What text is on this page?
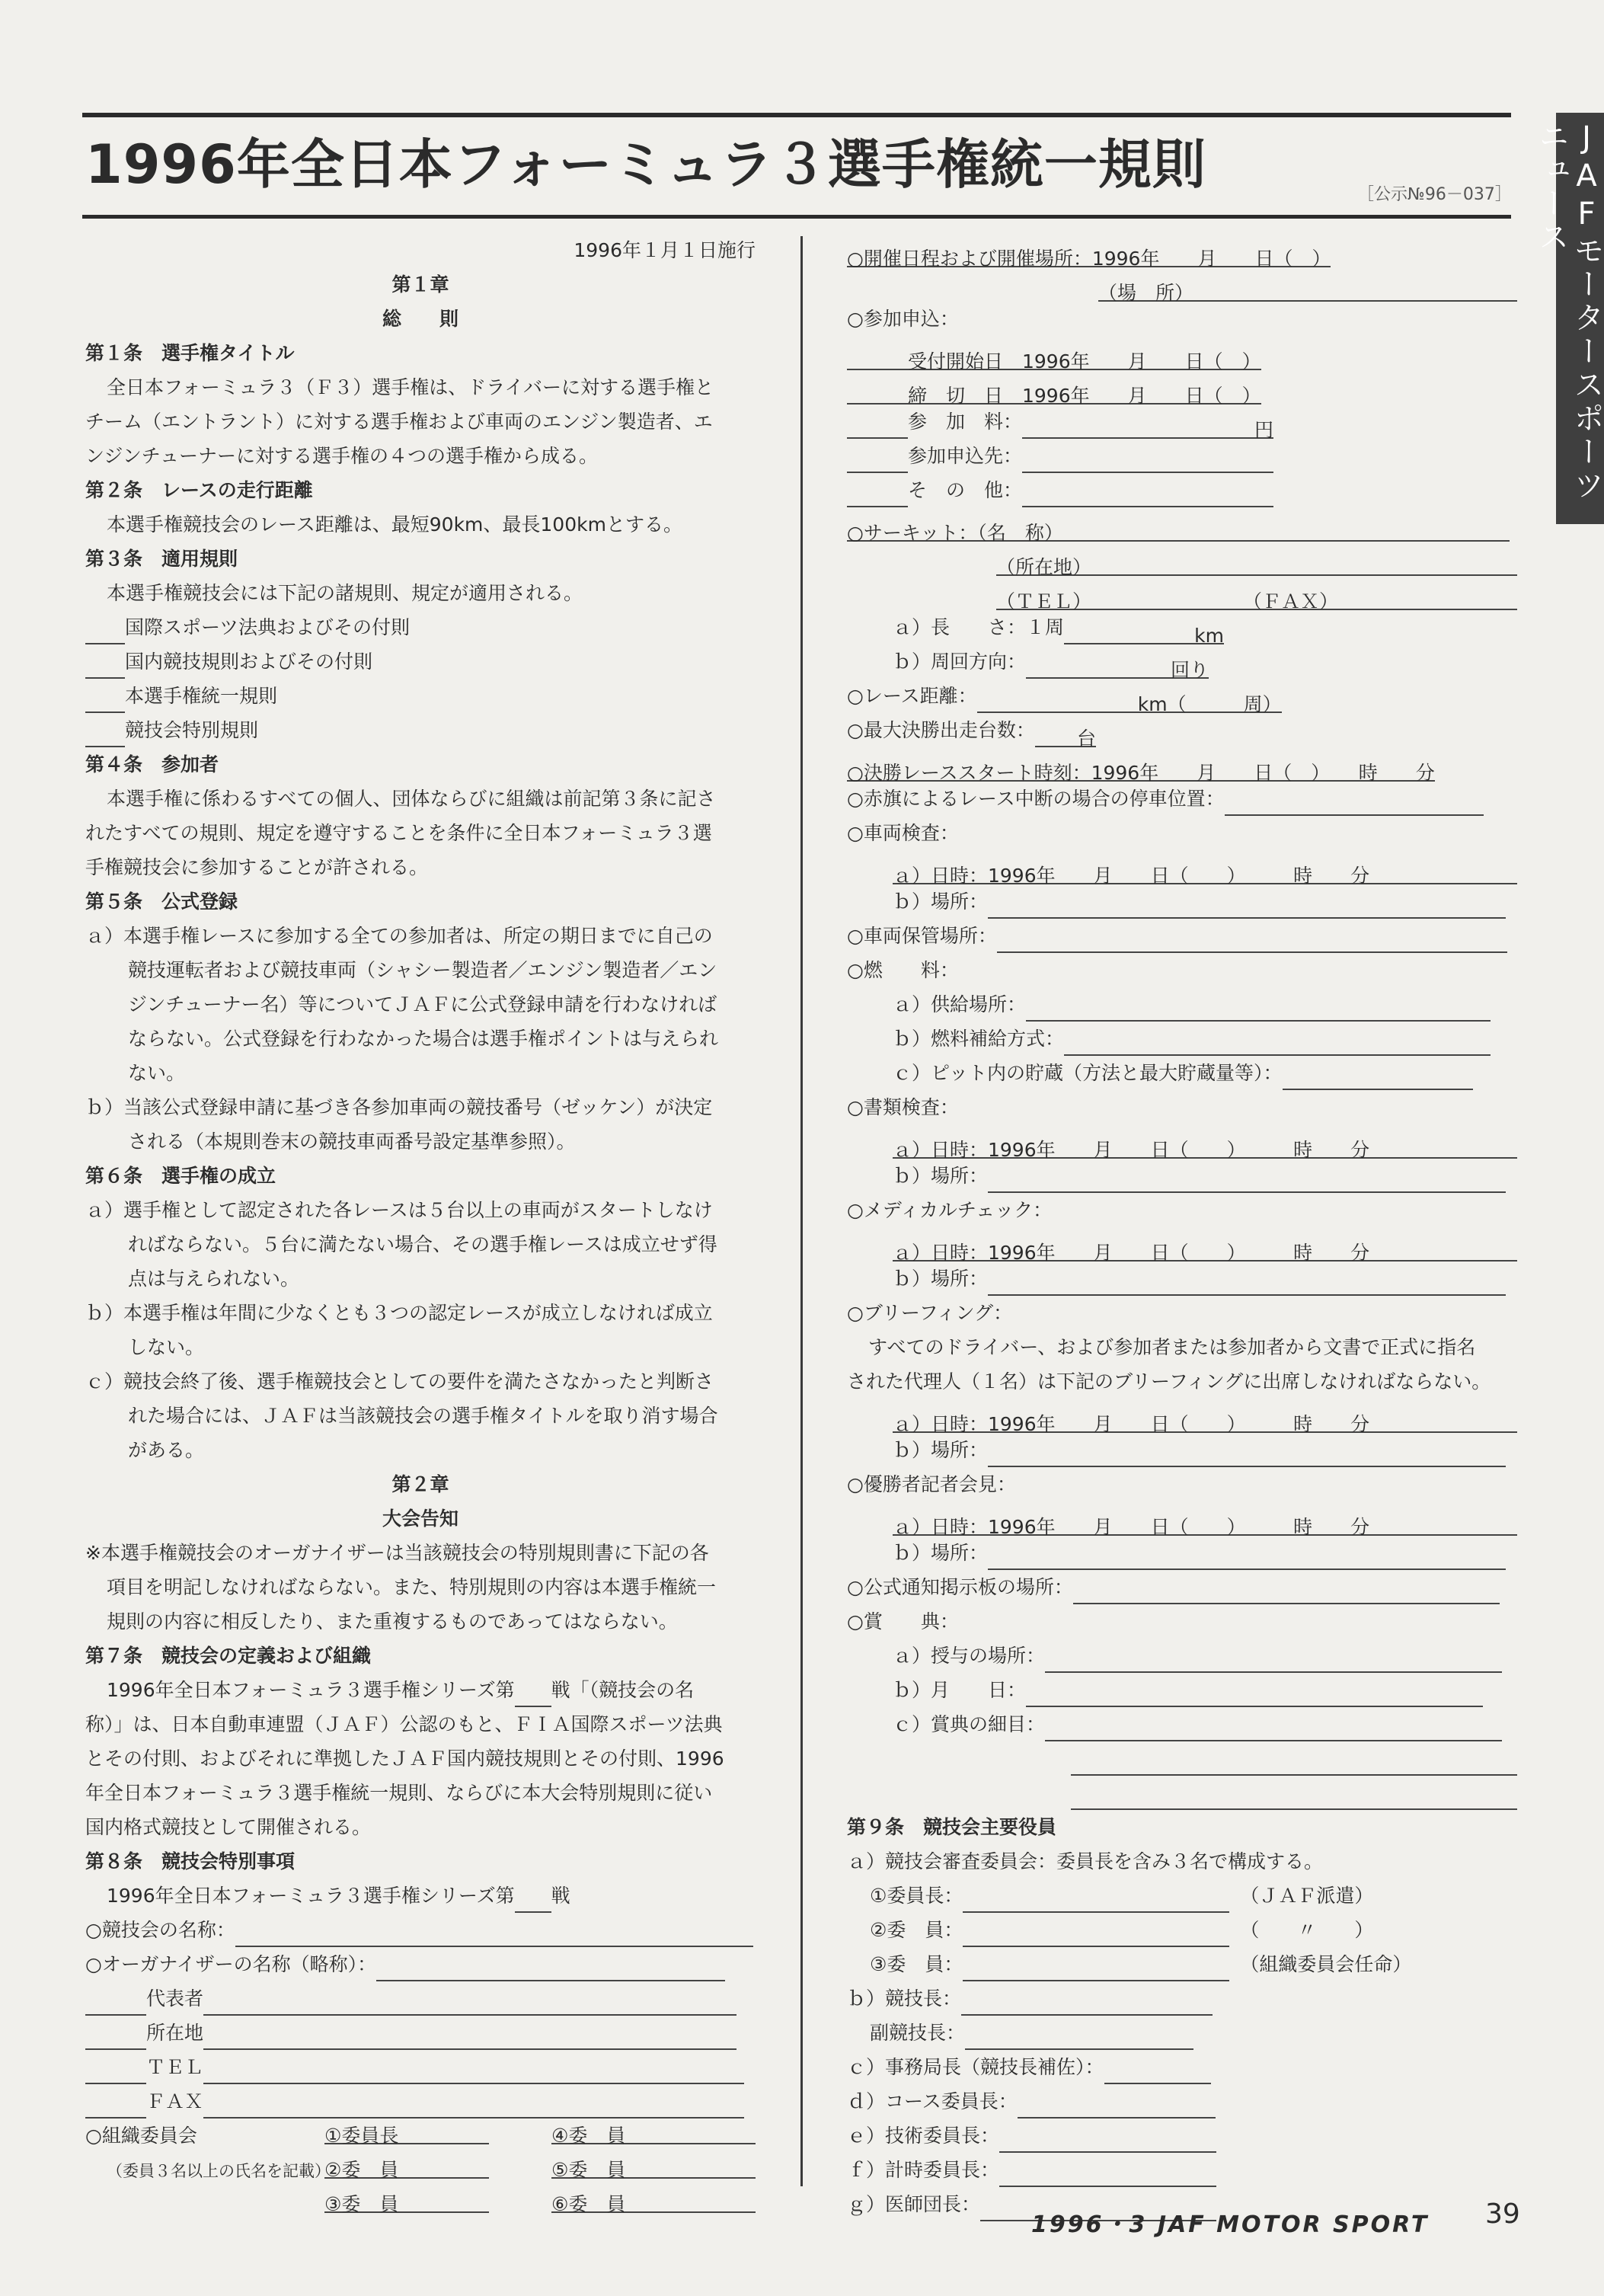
1996年全日本フォーミュラ３選手権統一規則	［公示№96－037］	JAFモータースポーツニュース
1996年１月１日施行
第１章
総　　則
第１条　選手権タイトル
全日本フォーミュラ３（Ｆ３）選手権は、ドライバーに対する選手権と
チーム（エントラント）に対する選手権および車両のエンジン製造者、エ
ンジンチューナーに対する選手権の４つの選手権から成る。
第２条　レースの走行距離
本選手権競技会のレース距離は、最短90km、最長100kmとする。
第３条　適用規則
本選手権競技会には下記の諸規則、規定が適用される。
国際スポーツ法典およびその付則
国内競技規則およびその付則
本選手権統一規則
競技会特別規則
第４条　参加者
本選手権に係わるすべての個人、団体ならびに組織は前記第３条に記さ
れたすべての規則、規定を遵守することを条件に全日本フォーミュラ３選
手権競技会に参加することが許される。
第５条　公式登録
ａ）本選手権レースに参加する全ての参加者は、所定の期日までに自己の
競技運転者および競技車両（シャシー製造者／エンジン製造者／エン
ジンチューナー名）等についてＪＡＦに公式登録申請を行わなければ
ならない。公式登録を行わなかった場合は選手権ポイントは与えられ
ない。
ｂ）当該公式登録申請に基づき各参加車両の競技番号（ゼッケン）が決定
される（本規則巻末の競技車両番号設定基準参照）。
第６条　選手権の成立
ａ）選手権として認定された各レースは５台以上の車両がスタートしなけ
ればならない。５台に満たない場合、その選手権レースは成立せず得
点は与えられない。
ｂ）本選手権は年間に少なくとも３つの認定レースが成立しなければ成立
しない。
ｃ）競技会終了後、選手権競技会としての要件を満たさなかったと判断さ
れた場合には、ＪＡＦは当該競技会の選手権タイトルを取り消す場合
がある。
第２章
大会告知
※本選手権競技会のオーガナイザーは当該競技会の特別規則書に下記の各
項目を明記しなければならない。また、特別規則の内容は本選手権統一
規則の内容に相反したり、また重複するものであってはならない。
第７条　競技会の定義および組織
1996年全日本フォーミュラ３選手権シリーズ第 戦「（競技会の名
称）」は、日本自動車連盟（ＪＡＦ）公認のもと、ＦＩＡ国際スポーツ法典
とその付則、およびそれに準拠したＪＡＦ国内競技規則とその付則、1996
年全日本フォーミュラ３選手権統一規則、ならびに本大会特別規則に従い
国内格式競技として開催される。
第８条　競技会特別事項
1996年全日本フォーミュラ３選手権シリーズ第 戦
○競技会の名称：
○オーガナイザーの名称（略称）：
代表者
所在地
ＴＥＬ
ＦＡＸ
○組織委員会	①委員長	④委　員
（委員３名以上の氏名を記載）
②委　員	⑤委　員
③委　員	⑥委　員
○開催日程および開催場所：1996年　　月　　日（　）
（場　所）
○参加申込：
受付開始日　1996年　　月　　日（　）
締　切　日　1996年　　月　　日（　）
参　加　料：	円
参加申込先：
そ　の　他：
○サーキット：（名　称）
（所在地）
（ＴＥＬ）	（ＦＡＸ）
ａ）長　　さ：１周	km
ｂ）周回方向：	回り
○レース距離：	km（　　　周）
○最大決勝出走台数： 台
○決勝レーススタート時刻：1996年　　月　　日（　）　　時　　分
○赤旗によるレース中断の場合の停車位置：
○車両検査：
ａ）日時：1996年　　月　　日（　　）　　　時　　分
ｂ）場所：
○車両保管場所：
○燃　　料：
ａ）供給場所：
ｂ）燃料補給方式：
ｃ）ピット内の貯蔵（方法と最大貯蔵量等）：
○書類検査：
ａ）日時：1996年　　月　　日（　　）　　　時　　分
ｂ）場所：
○メディカルチェック：
ａ）日時：1996年　　月　　日（　　）　　　時　　分
ｂ）場所：
○ブリーフィング：
すべてのドライバー、および参加者または参加者から文書で正式に指名
された代理人（１名）は下記のブリーフィングに出席しなければならない。
ａ）日時：1996年　　月　　日（　　）　　　時　　分
ｂ）場所：
○優勝者記者会見：
ａ）日時：1996年　　月　　日（　　）　　　時　　分
ｂ）場所：
○公式通知掲示板の場所：
○賞　　典：
ａ）授与の場所：
ｂ）月　　日：
ｃ）賞典の細目：
第９条　競技会主要役員
ａ）競技会審査委員会：委員長を含み３名で構成する。
①委員長：	（ＪＡＦ派遣）
②委　員：	（　　〃　　）
③委　員：	（組織委員会任命）
ｂ）競技長：
副競技長：
ｃ）事務局長（競技長補佐）：
ｄ）コース委員長：
ｅ）技術委員長：
ｆ）計時委員長：
ｇ）医師団長：
1996・3 JAF MOTOR SPORT 39
